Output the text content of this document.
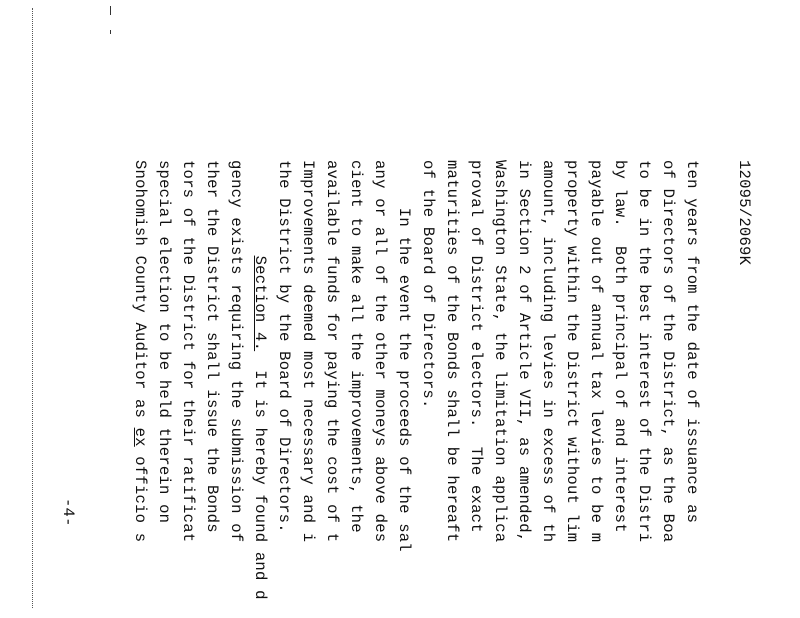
12095/2069K
ten years from the date of issuance as
of Directors of the District, as the Boa
to be in the best interest of the Distri
by law.  Both principal of and interest
payable out of annual tax levies to be m
property within the District without lim
amount, including levies in excess of th
in Section 2 of Article VII, as amended,
Washington State, the limitation applica
proval of District electors.  The exact
maturities of the Bonds shall be hereaft
of the Board of Directors.
In the event the proceeds of the sal
any or all of the other moneys above des
cient to make all the improvements, the
available funds for paying the cost of t
Improvements deemed most necessary and i
the District by the Board of Directors.
Section 4.  It is hereby found and d
gency exists requiring the submission of
ther the District shall issue the Bonds
tors of the District for their ratificat
special election to be held therein on
Snohomish County Auditor as ex officio s
-4-
